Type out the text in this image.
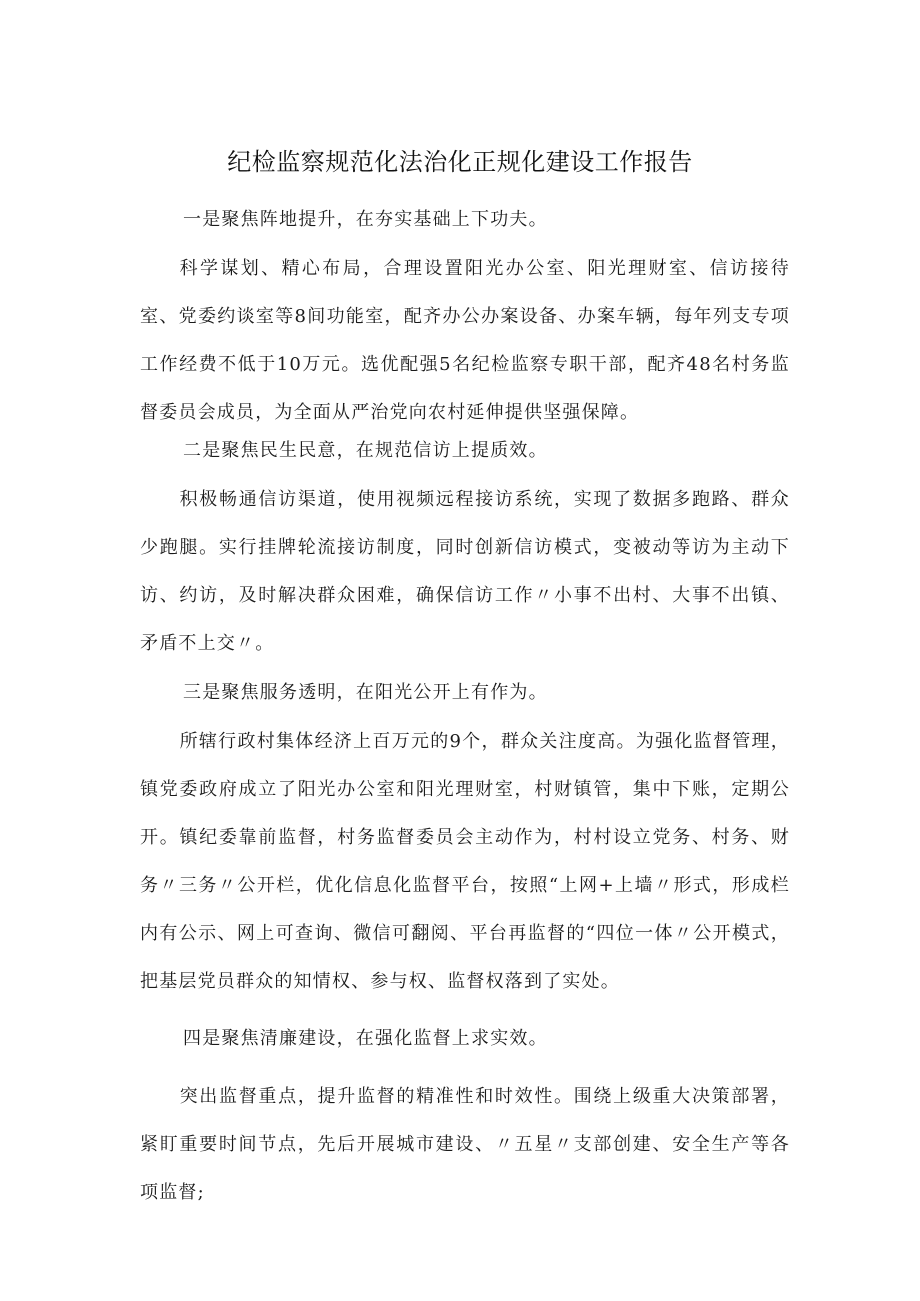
纪检监察规范化法治化正规化建设工作报告

一是聚焦阵地提升，在夯实基础上下功夫。

科学谋划、精心布局，合理设置阳光办公室、阳光理财室、信访接待室、党委约谈室等8间功能室，配齐办公办案设备、办案车辆，每年列支专项工作经费不低于10万元。选优配强5名纪检监察专职干部，配齐48名村务监督委员会成员，为全面从严治党向农村延伸提供坚强保障。

二是聚焦民生民意，在规范信访上提质效。

积极畅通信访渠道，使用视频远程接访系统，实现了数据多跑路、群众少跑腿。实行挂牌轮流接访制度，同时创新信访模式，变被动等访为主动下访、约访，及时解决群众困难，确保信访工作〃小事不出村、大事不出镇、矛盾不上交〃。

三是聚焦服务透明，在阳光公开上有作为。

所辖行政村集体经济上百万元的9个，群众关注度高。为强化监督管理，镇党委政府成立了阳光办公室和阳光理财室，村财镇管，集中下账，定期公开。镇纪委靠前监督，村务监督委员会主动作为，村村设立党务、村务、财务〃三务〃公开栏，优化信息化监督平台，按照“上网+上墙〃形式，形成栏内有公示、网上可查询、微信可翻阅、平台再监督的“四位一体〃公开模式，把基层党员群众的知情权、参与权、监督权落到了实处。

四是聚焦清廉建设，在强化监督上求实效。

突出监督重点，提升监督的精准性和时效性。围绕上级重大决策部署，紧盯重要时间节点，先后开展城市建设、〃五星〃支部创建、安全生产等各项监督;
